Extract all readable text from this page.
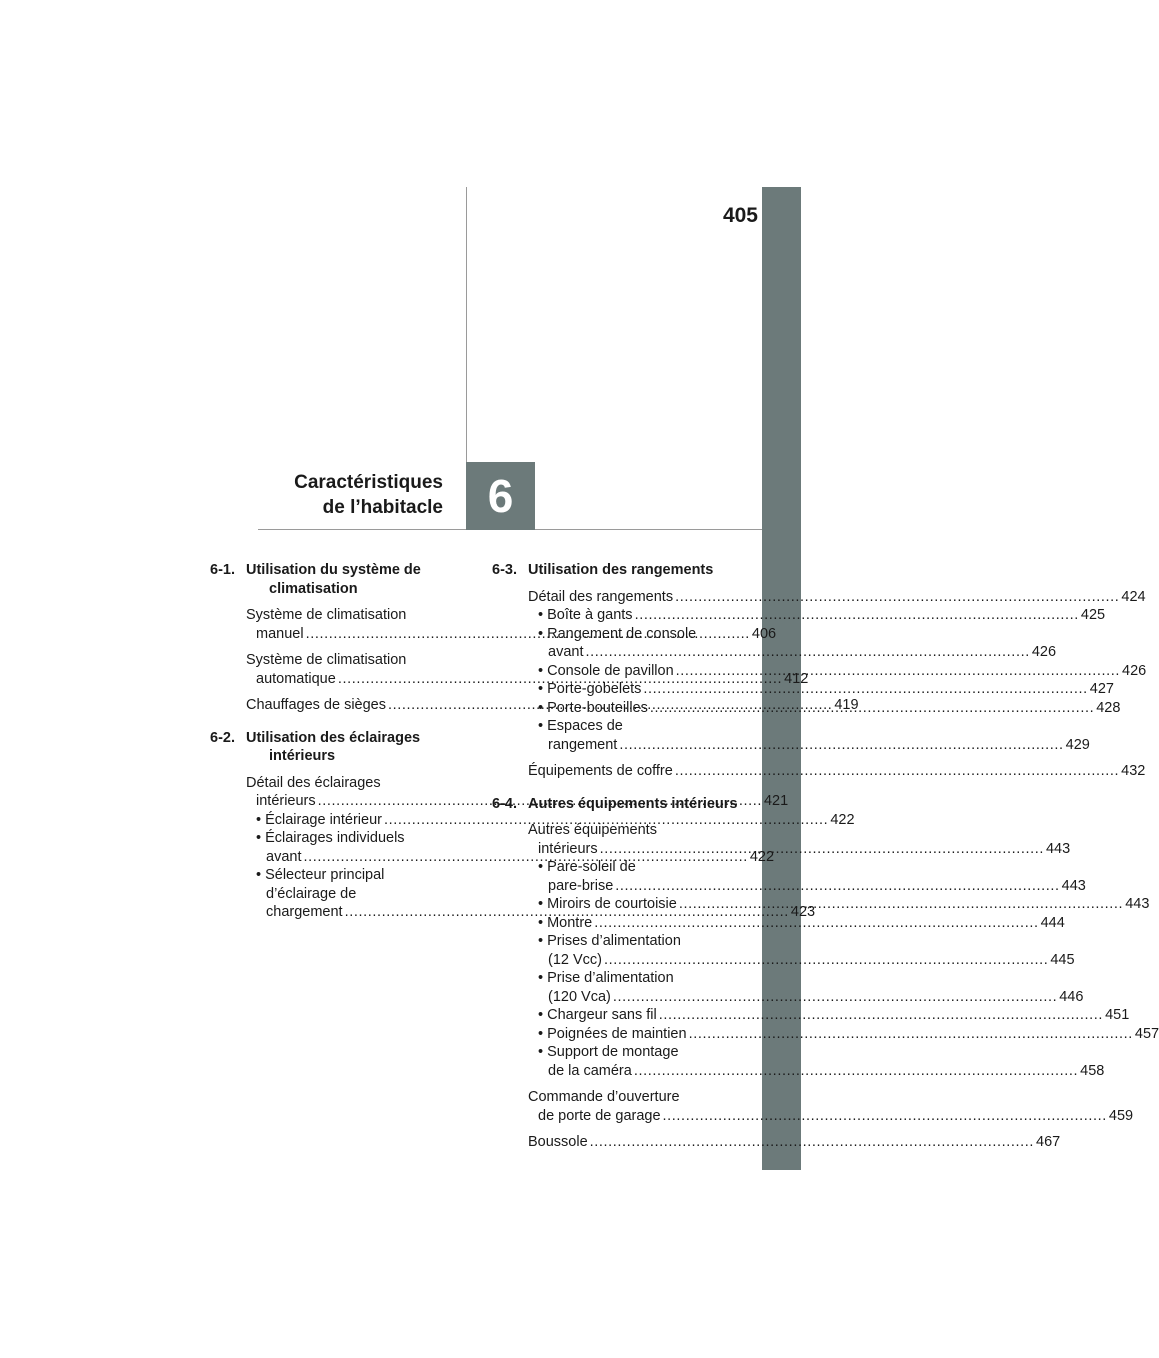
405
6
Caractéristiques
de l’habitacle
6-1. Utilisation du système de
climatisation
Système de climatisation
manuel .....	406
Système de climatisation
automatique .....	412
Chauffages de sièges .....	419
6-2. Utilisation des éclairages
intérieurs
Détail des éclairages
intérieurs .....	421
• Éclairage intérieur .....	422
• Éclairages individuels
avant .....	422
• Sélecteur principal
d’éclairage de
chargement .....	423
6-3. Utilisation des rangements
Détail des rangements .....	424
• Boîte à gants .....	425
• Rangement de console
avant .....	426
• Console de pavillon .....	426
• Porte-gobelets .....	427
• Porte-bouteilles .....	428
• Espaces de
rangement .....	429
Équipements de coffre .....	432
6-4. Autres équipements intérieurs
Autres équipements
intérieurs .....	443
• Pare-soleil de
pare-brise .....	443
• Miroirs de courtoisie .....	443
• Montre .....	444
• Prises d’alimentation
(12 Vcc) .....	445
• Prise d’alimentation
(120 Vca) .....	446
• Chargeur sans fil .....	451
• Poignées de maintien .....	457
• Support de montage
de la caméra .....	458
Commande d’ouverture
de porte de garage .....	459
Boussole .....	467
